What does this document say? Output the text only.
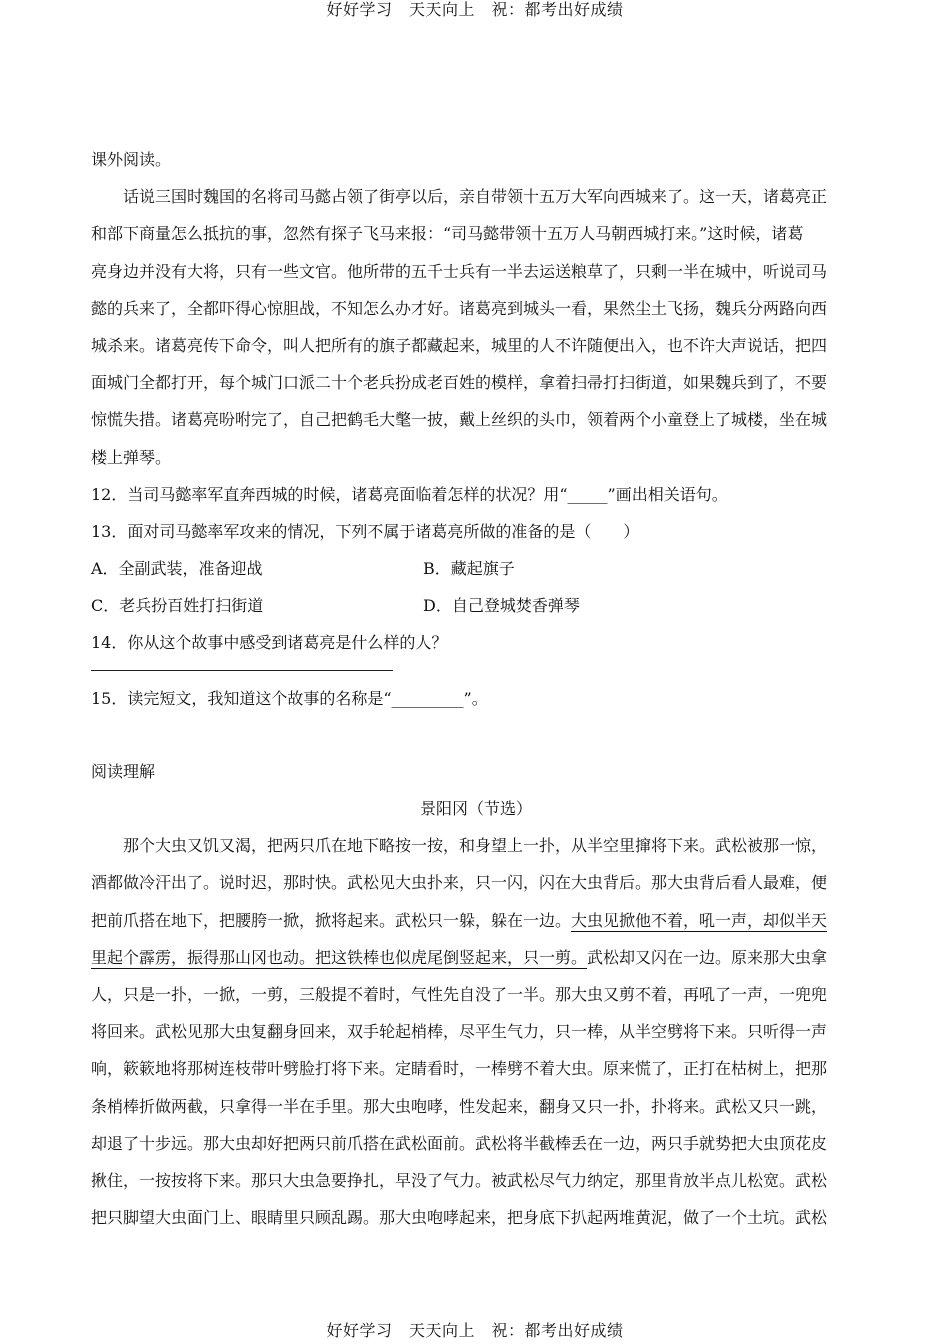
好好学习　天天向上　祝：都考出好成绩
课外阅读。
话说三国时魏国的名将司马懿占领了街亭以后，亲自带领十五万大军向西城来了。这一天，诸葛亮正
和部下商量怎么抵抗的事，忽然有探子飞马来报：“司马懿带领十五万人马朝西城打来。”这时候，诸葛
亮身边并没有大将，只有一些文官。他所带的五千士兵有一半去运送粮草了，只剩一半在城中，听说司马
懿的兵来了，全都吓得心惊胆战，不知怎么办才好。诸葛亮到城头一看，果然尘土飞扬，魏兵分两路向西
城杀来。诸葛亮传下命令，叫人把所有的旗子都藏起来，城里的人不许随便出入，也不许大声说话，把四
面城门全都打开，每个城门口派二十个老兵扮成老百姓的模样，拿着扫帚打扫街道，如果魏兵到了，不要
惊慌失措。诸葛亮吩咐完了，自己把鹤毛大氅一披，戴上丝织的头巾，领着两个小童登上了城楼，坐在城
楼上弹琴。
12．当司马懿率军直奔西城的时候，诸葛亮面临着怎样的状况？用“_____”画出相关语句。
13．面对司马懿率军攻来的情况，下列不属于诸葛亮所做的准备的是（　　）
A．全副武装，准备迎战	B．藏起旗子
C．老兵扮百姓打扫街道	D．自己登城焚香弹琴
14．你从这个故事中感受到诸葛亮是什么样的人？
15．读完短文，我知道这个故事的名称是“_________”。
阅读理解
景阳冈（节选）
那个大虫又饥又渴，把两只爪在地下略按一按，和身望上一扑，从半空里撺将下来。武松被那一惊，
酒都做冷汗出了。说时迟，那时快。武松见大虫扑来，只一闪，闪在大虫背后。那大虫背后看人最难，便
把前爪搭在地下，把腰胯一掀，掀将起来。武松只一躲，躲在一边。大虫见掀他不着，吼一声，却似半天
里起个霹雳，振得那山冈也动。把这铁棒也似虎尾倒竖起来，只一剪。武松却又闪在一边。原来那大虫拿
人，只是一扑，一掀，一剪，三般提不着时，气性先自没了一半。那大虫又剪不着，再吼了一声，一兜兜
将回来。武松见那大虫复翻身回来，双手轮起梢棒，尽平生气力，只一棒，从半空劈将下来。只听得一声
响，簌簌地将那树连枝带叶劈脸打将下来。定睛看时，一棒劈不着大虫。原来慌了，正打在枯树上，把那
条梢棒折做两截，只拿得一半在手里。那大虫咆哮，性发起来，翻身又只一扑，扑将来。武松又只一跳，
却退了十步远。那大虫却好把两只前爪搭在武松面前。武松将半截棒丢在一边，两只手就势把大虫顶花皮
揪住，一按按将下来。那只大虫急要挣扎，早没了气力。被武松尽气力纳定，那里肯放半点儿松宽。武松
把只脚望大虫面门上、眼睛里只顾乱踢。那大虫咆哮起来，把身底下扒起两堆黄泥，做了一个土坑。武松
好好学习　天天向上　祝：都考出好成绩
